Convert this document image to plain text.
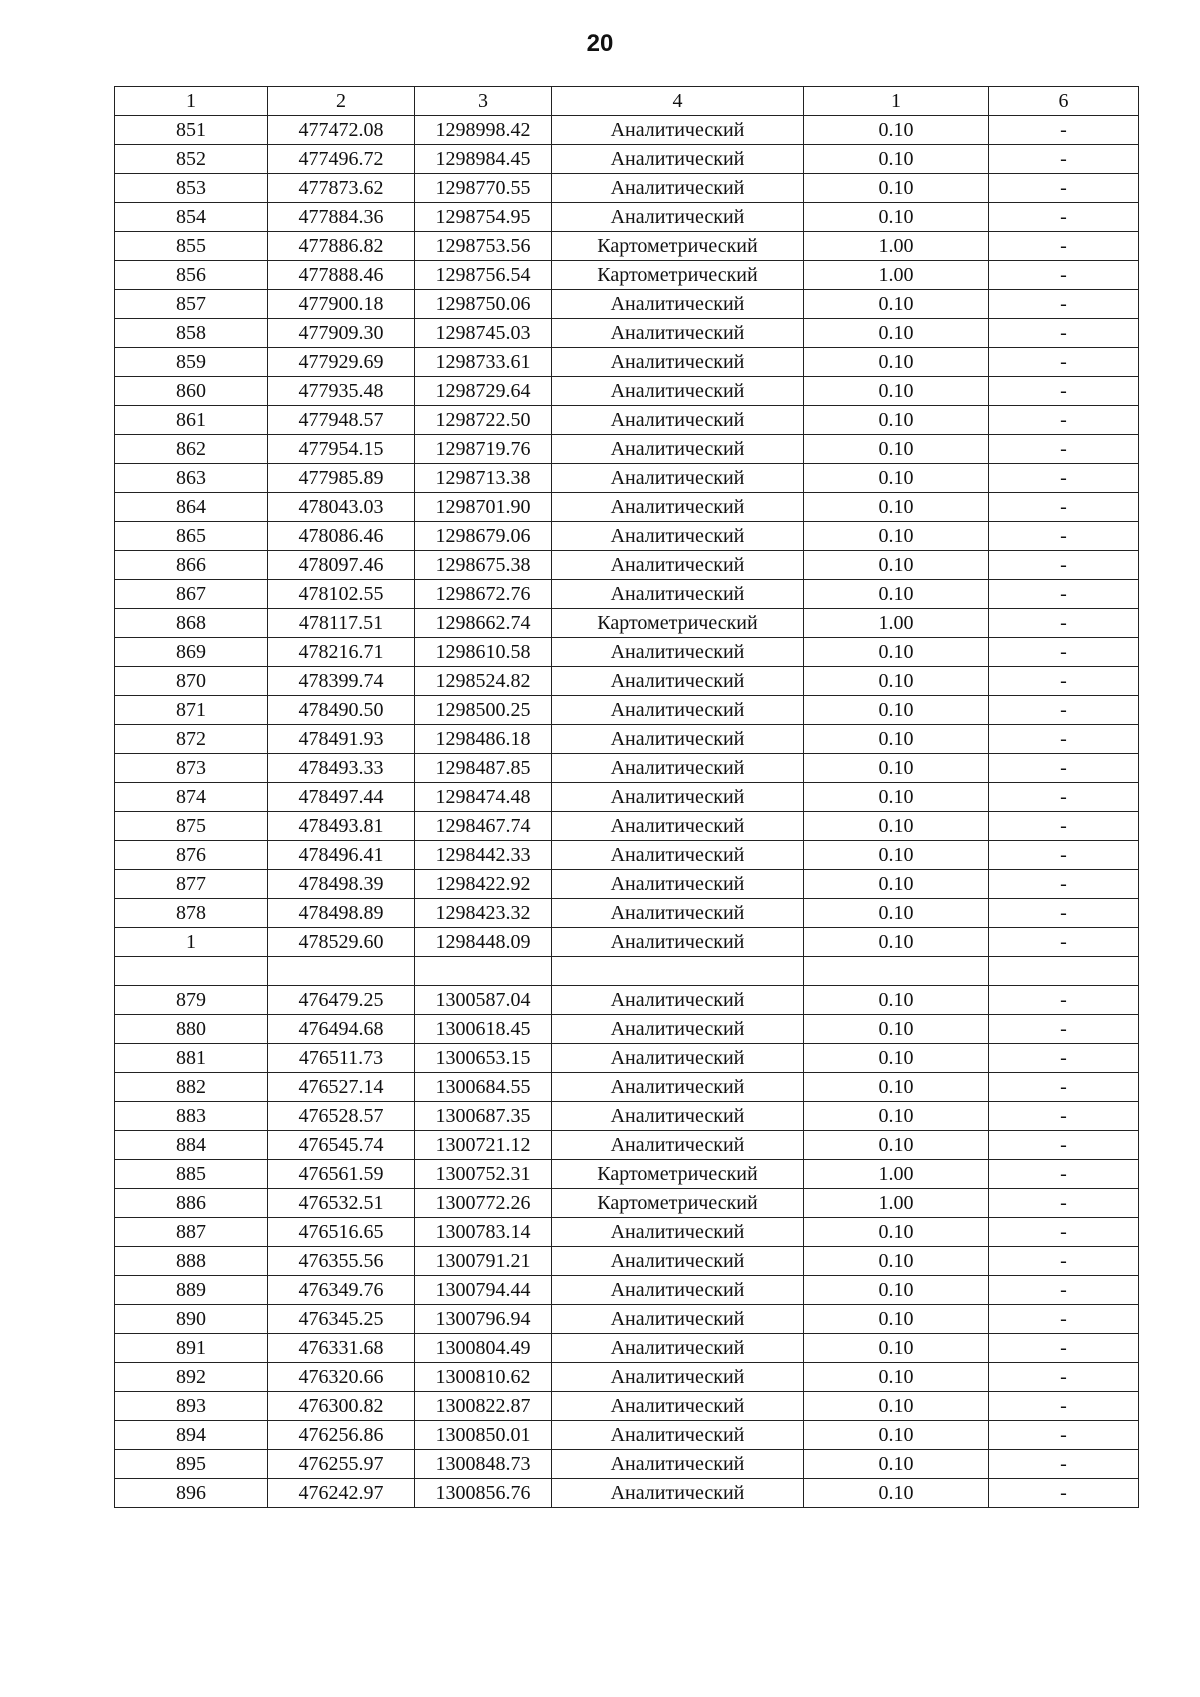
20
1	2	3	4	1	6
851	477472.08	1298998.42	Аналитический	0.10	-
852	477496.72	1298984.45	Аналитический	0.10	-
853	477873.62	1298770.55	Аналитический	0.10	-
854	477884.36	1298754.95	Аналитический	0.10	-
855	477886.82	1298753.56	Картометрический	1.00	-
856	477888.46	1298756.54	Картометрический	1.00	-
857	477900.18	1298750.06	Аналитический	0.10	-
858	477909.30	1298745.03	Аналитический	0.10	-
859	477929.69	1298733.61	Аналитический	0.10	-
860	477935.48	1298729.64	Аналитический	0.10	-
861	477948.57	1298722.50	Аналитический	0.10	-
862	477954.15	1298719.76	Аналитический	0.10	-
863	477985.89	1298713.38	Аналитический	0.10	-
864	478043.03	1298701.90	Аналитический	0.10	-
865	478086.46	1298679.06	Аналитический	0.10	-
866	478097.46	1298675.38	Аналитический	0.10	-
867	478102.55	1298672.76	Аналитический	0.10	-
868	478117.51	1298662.74	Картометрический	1.00	-
869	478216.71	1298610.58	Аналитический	0.10	-
870	478399.74	1298524.82	Аналитический	0.10	-
871	478490.50	1298500.25	Аналитический	0.10	-
872	478491.93	1298486.18	Аналитический	0.10	-
873	478493.33	1298487.85	Аналитический	0.10	-
874	478497.44	1298474.48	Аналитический	0.10	-
875	478493.81	1298467.74	Аналитический	0.10	-
876	478496.41	1298442.33	Аналитический	0.10	-
877	478498.39	1298422.92	Аналитический	0.10	-
878	478498.89	1298423.32	Аналитический	0.10	-
1	478529.60	1298448.09	Аналитический	0.10	-

879	476479.25	1300587.04	Аналитический	0.10	-
880	476494.68	1300618.45	Аналитический	0.10	-
881	476511.73	1300653.15	Аналитический	0.10	-
882	476527.14	1300684.55	Аналитический	0.10	-
883	476528.57	1300687.35	Аналитический	0.10	-
884	476545.74	1300721.12	Аналитический	0.10	-
885	476561.59	1300752.31	Картометрический	1.00	-
886	476532.51	1300772.26	Картометрический	1.00	-
887	476516.65	1300783.14	Аналитический	0.10	-
888	476355.56	1300791.21	Аналитический	0.10	-
889	476349.76	1300794.44	Аналитический	0.10	-
890	476345.25	1300796.94	Аналитический	0.10	-
891	476331.68	1300804.49	Аналитический	0.10	-
892	476320.66	1300810.62	Аналитический	0.10	-
893	476300.82	1300822.87	Аналитический	0.10	-
894	476256.86	1300850.01	Аналитический	0.10	-
895	476255.97	1300848.73	Аналитический	0.10	-
896	476242.97	1300856.76	Аналитический	0.10	-
